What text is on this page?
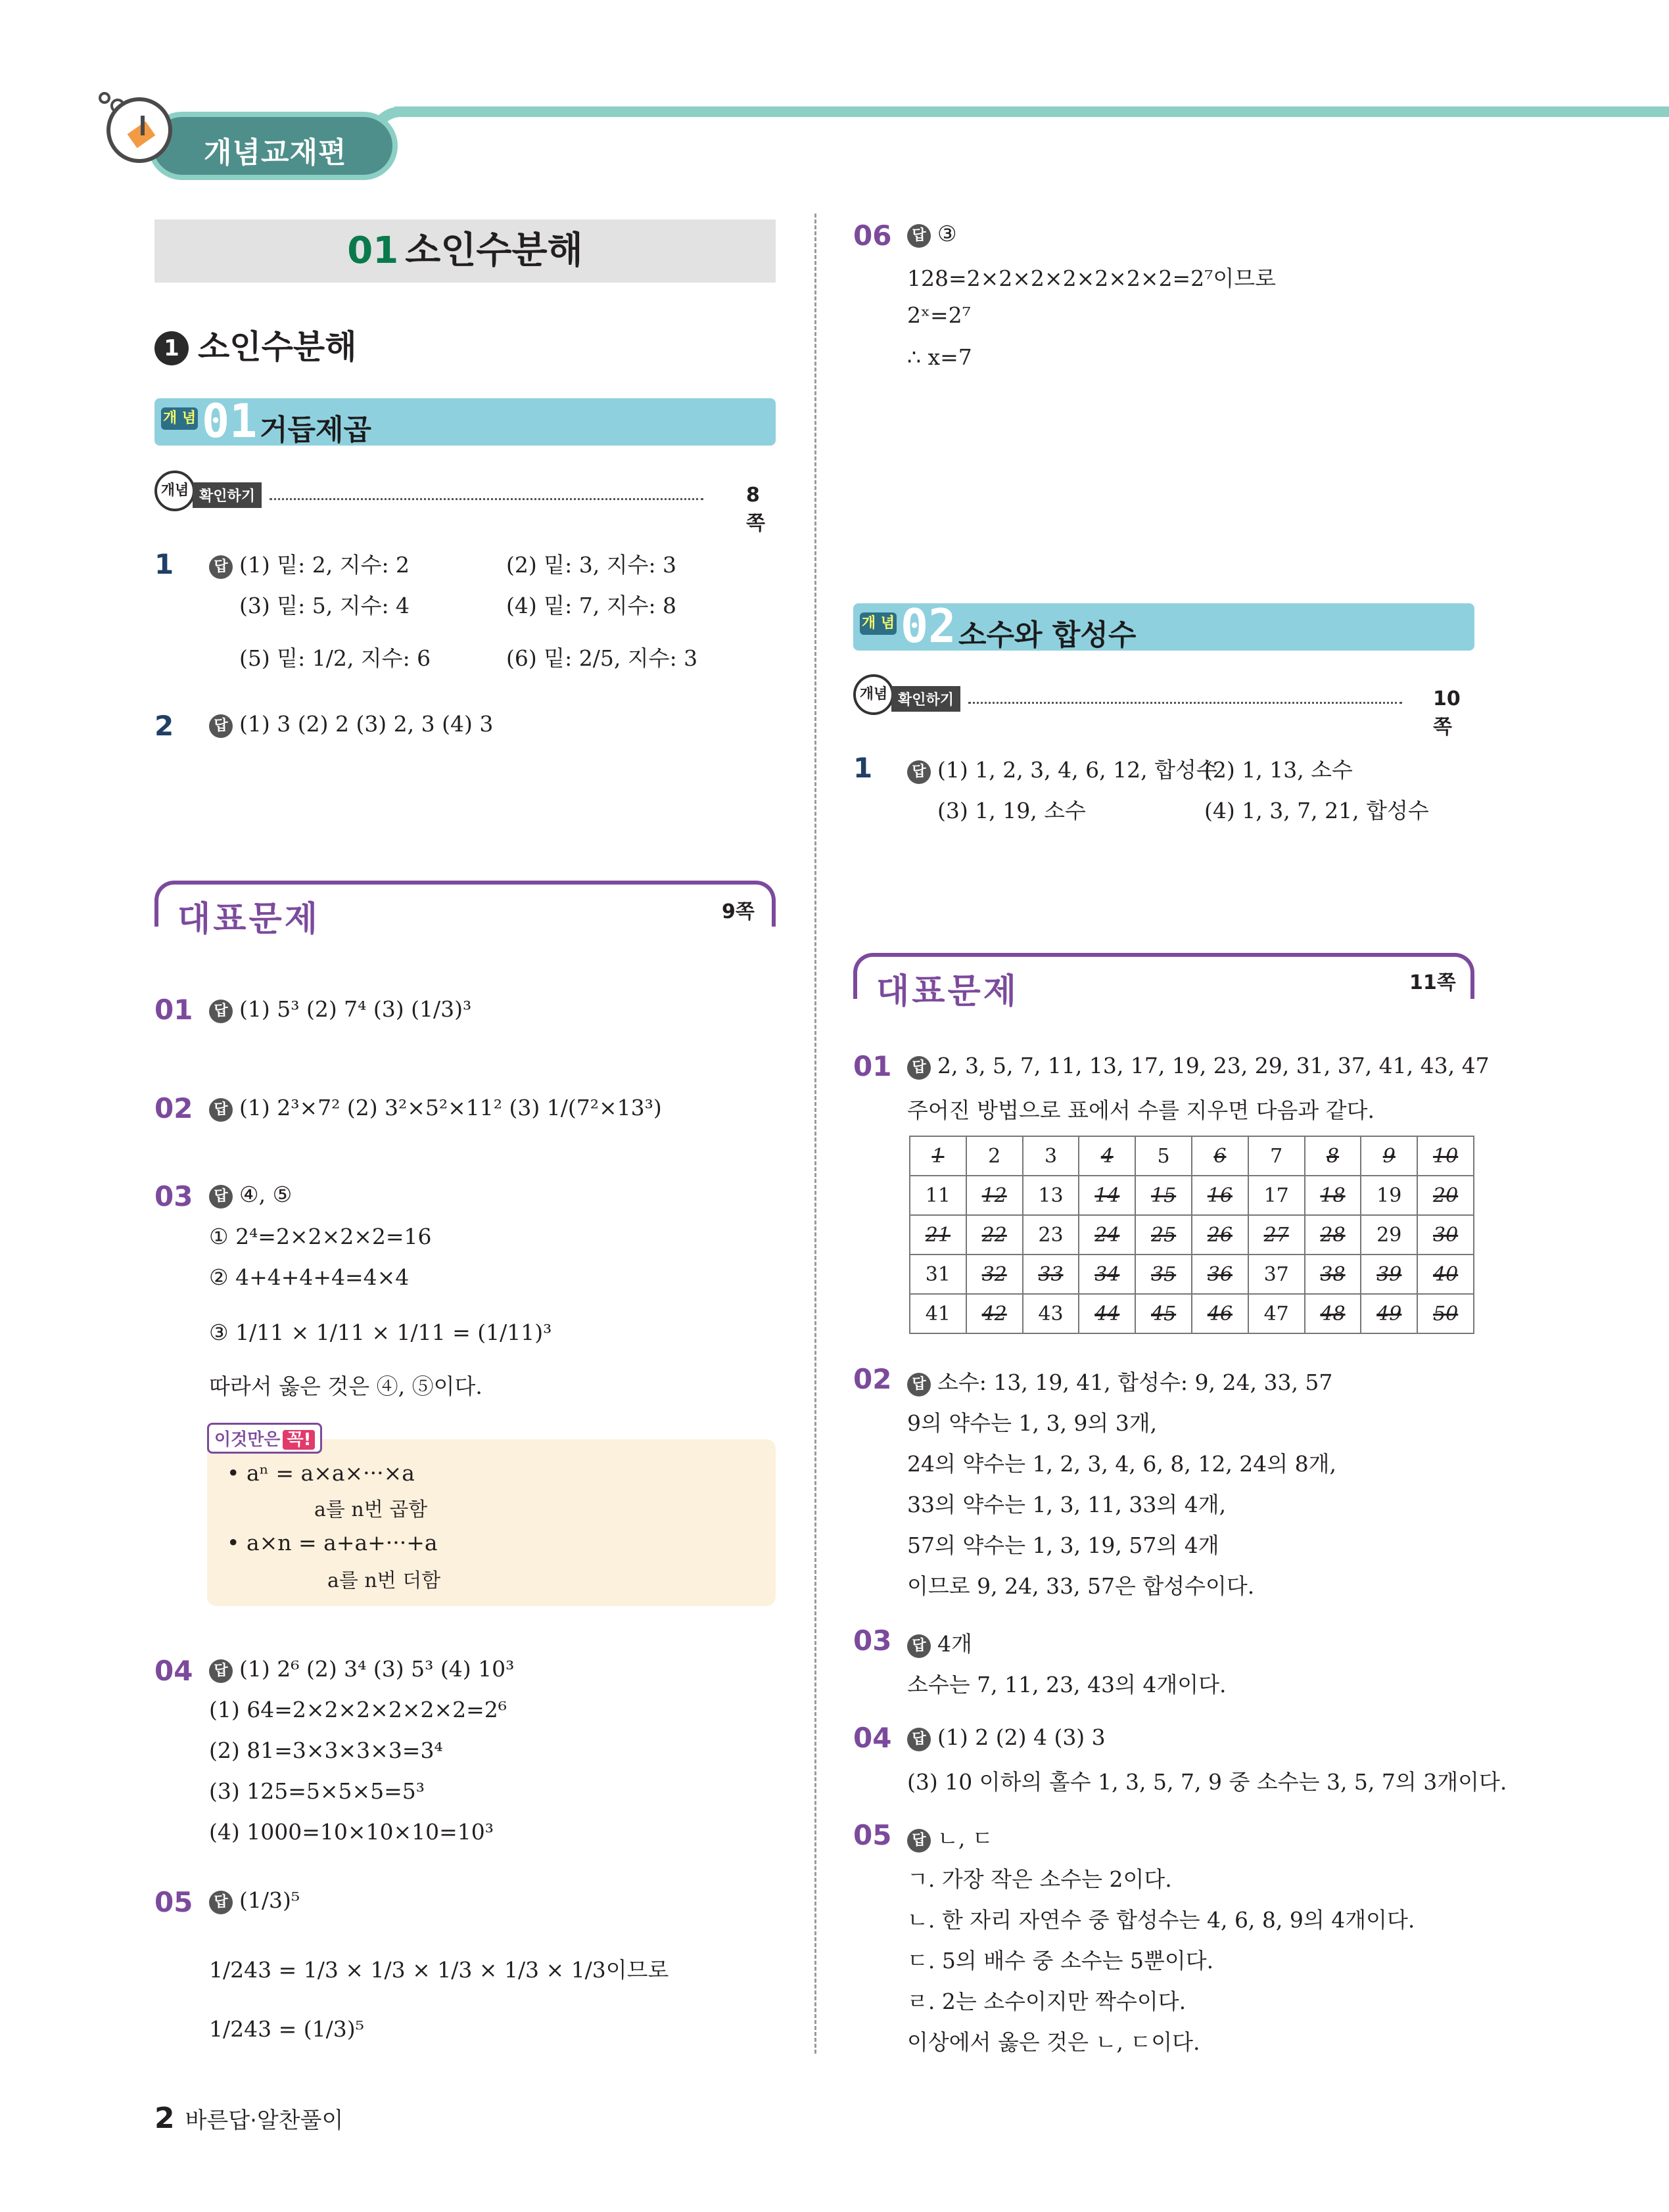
개념교재편
01 소인수분해
1 소인수분해
개 념 01 거듭제곱
개념 확인하기	8쪽
1	답 (1) 밑: 2, 지수: 2	(2) 밑: 3, 지수: 3
(3) 밑: 5, 지수: 4	(4) 밑: 7, 지수: 8
(5) 밑: 1/2, 지수: 6	(6) 밑: 2/5, 지수: 3
2	답 (1) 3 (2) 2 (3) 2, 3 (4) 3
대표문제	9쪽
01	답 (1) 5³ (2) 7⁴ (3) (1/3)³
02	답 (1) 2³×7² (2) 3²×5²×11² (3) 1/(7²×13³)
03	답 ④, ⑤
① 2⁴=2×2×2×2=16
② 4+4+4+4=4×4
③ 1/11 × 1/11 × 1/11 = (1/11)³
따라서 옳은 것은 ④, ⑤이다.
이것만은 꼭!
• aⁿ = a×a×···×a
a를 n번 곱함
• a×n = a+a+···+a
a를 n번 더함
04	답 (1) 2⁶ (2) 3⁴ (3) 5³ (4) 10³
(1) 64=2×2×2×2×2×2=2⁶
(2) 81=3×3×3×3=3⁴
(3) 125=5×5×5=5³
(4) 1000=10×10×10=10³
05	답 (1/3)⁵
1/243 = 1/3 × 1/3 × 1/3 × 1/3 × 1/3이므로
1/243 = (1/3)⁵
06	답 ③
128=2×2×2×2×2×2×2=2⁷이므로
2ˣ=2⁷
∴ x=7
개 념 02 소수와 합성수
개념 확인하기	10쪽
1	답 (1) 1, 2, 3, 4, 6, 12, 합성수
(2) 1, 13, 소수
(3) 1, 19, 소수	(4) 1, 3, 7, 21, 합성수
대표문제	11쪽
01	답 2, 3, 5, 7, 11, 13, 17, 19, 23, 29, 31, 37, 41, 43, 47
주어진 방법으로 표에서 수를 지우면 다음과 같다.
1	2	3	4	5	6	7	8	9	10
11	12	13	14	15	16	17	18	19	20
21	22	23	24	25	26	27	28	29	30
31	32	33	34	35	36	37	38	39	40
41	42	43	44	45	46	47	48	49	50
02	답 소수: 13, 19, 41, 합성수: 9, 24, 33, 57
9의 약수는 1, 3, 9의 3개,
24의 약수는 1, 2, 3, 4, 6, 8, 12, 24의 8개,
33의 약수는 1, 3, 11, 33의 4개,
57의 약수는 1, 3, 19, 57의 4개
이므로 9, 24, 33, 57은 합성수이다.
03	답 4개
소수는 7, 11, 23, 43의 4개이다.
04	답 (1) 2 (2) 4 (3) 3
(3) 10 이하의 홀수 1, 3, 5, 7, 9 중 소수는 3, 5, 7의 3개이다.
05	답 ㄴ, ㄷ
ㄱ. 가장 작은 소수는 2이다.
ㄴ. 한 자리 자연수 중 합성수는 4, 6, 8, 9의 4개이다.
ㄷ. 5의 배수 중 소수는 5뿐이다.
ㄹ. 2는 소수이지만 짝수이다.
이상에서 옳은 것은 ㄴ, ㄷ이다.
2 바른답·알찬풀이
